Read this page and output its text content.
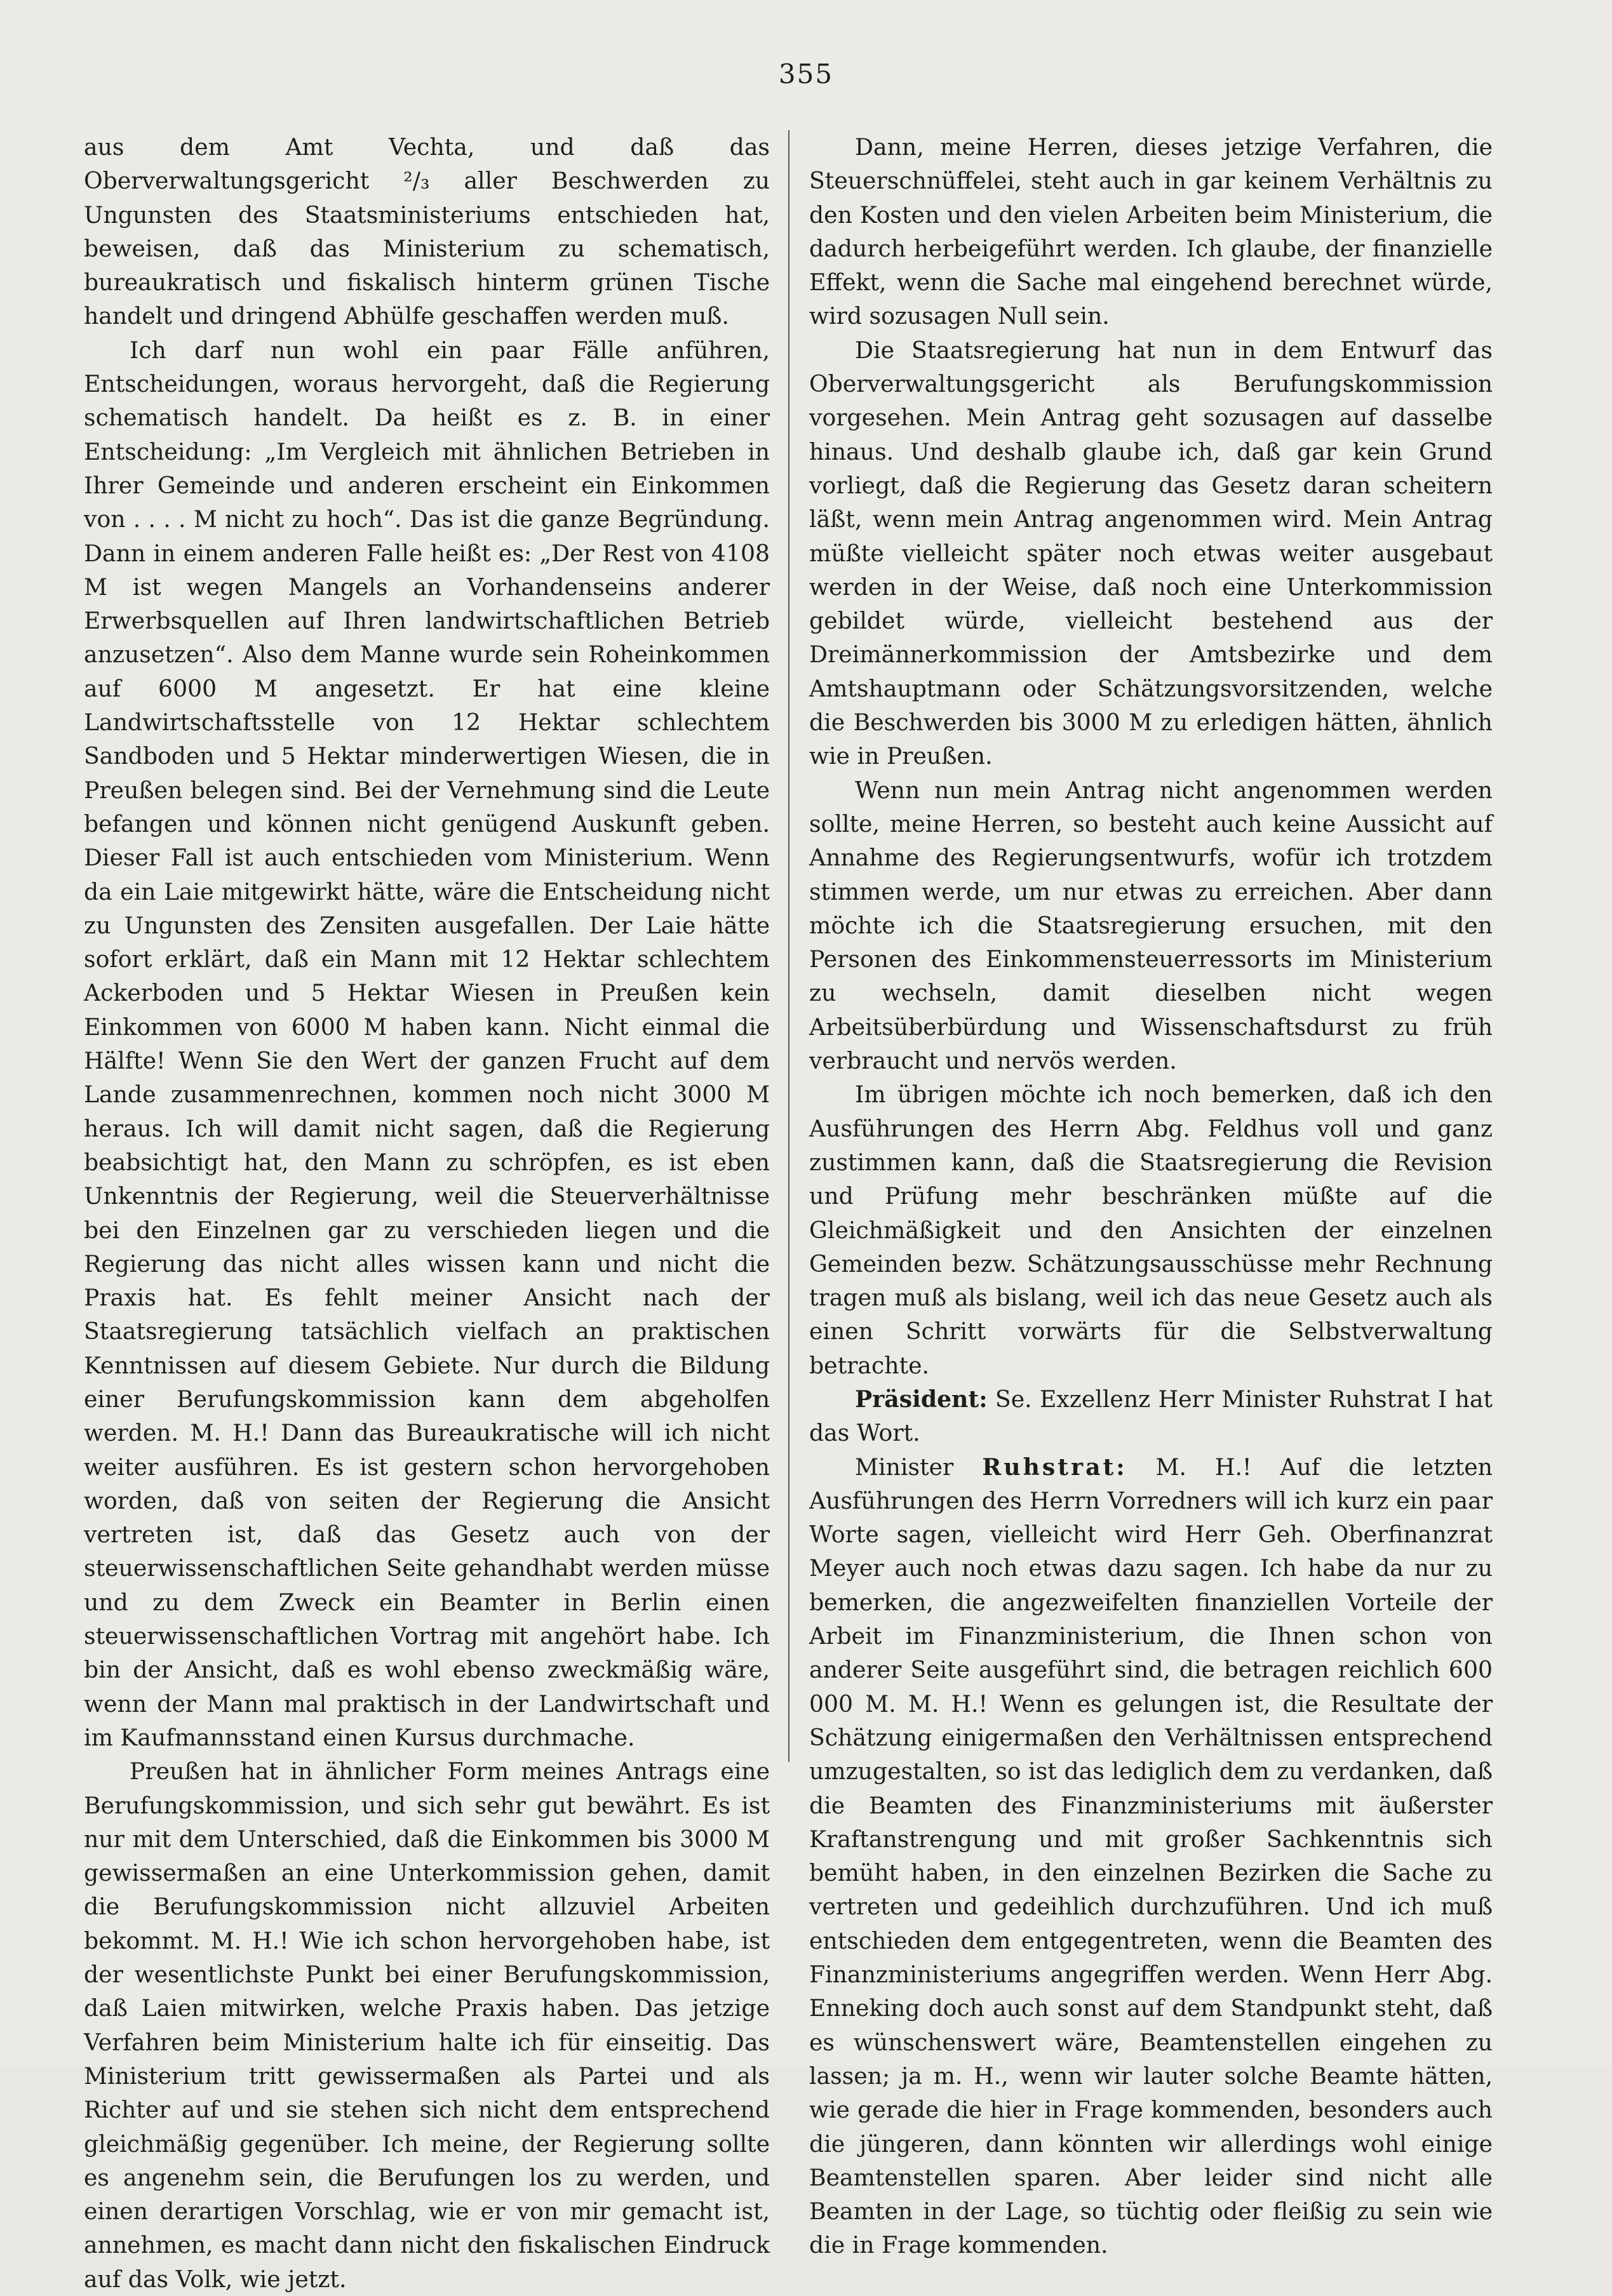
355

aus dem Amt Vechta, und daß das Oberverwaltungsgericht ²/₃ aller Beschwerden zu Ungunsten des Staatsministeriums entschieden hat, beweisen, daß das Ministerium zu schematisch, bureaukratisch und fiskalisch hinterm grünen Tische handelt und dringend Abhülfe geschaffen werden muß.

Ich darf nun wohl ein paar Fälle anführen, Entscheidungen, woraus hervorgeht, daß die Regierung schematisch handelt. Da heißt es z. B. in einer Entscheidung: „Im Vergleich mit ähnlichen Betrieben in Ihrer Gemeinde und anderen erscheint ein Einkommen von . . . . M nicht zu hoch“. Das ist die ganze Begründung. Dann in einem anderen Falle heißt es: „Der Rest von 4108 M ist wegen Mangels an Vorhandenseins anderer Erwerbsquellen auf Ihren landwirtschaftlichen Betrieb anzusetzen“. Also dem Manne wurde sein Roheinkommen auf 6000 M angesetzt. Er hat eine kleine Landwirtschaftsstelle von 12 Hektar schlechtem Sandboden und 5 Hektar minderwertigen Wiesen, die in Preußen belegen sind. Bei der Vernehmung sind die Leute befangen und können nicht genügend Auskunft geben. Dieser Fall ist auch entschieden vom Ministerium. Wenn da ein Laie mitgewirkt hätte, wäre die Entscheidung nicht zu Ungunsten des Zensiten ausgefallen. Der Laie hätte sofort erklärt, daß ein Mann mit 12 Hektar schlechtem Ackerboden und 5 Hektar Wiesen in Preußen kein Einkommen von 6000 M haben kann. Nicht einmal die Hälfte! Wenn Sie den Wert der ganzen Frucht auf dem Lande zusammenrechnen, kommen noch nicht 3000 M heraus. Ich will damit nicht sagen, daß die Regierung beabsichtigt hat, den Mann zu schröpfen, es ist eben Unkenntnis der Regierung, weil die Steuerverhältnisse bei den Einzelnen gar zu verschieden liegen und die Regierung das nicht alles wissen kann und nicht die Praxis hat. Es fehlt meiner Ansicht nach der Staatsregierung tatsächlich vielfach an praktischen Kenntnissen auf diesem Gebiete. Nur durch die Bildung einer Berufungskommission kann dem abgeholfen werden. M. H.! Dann das Bureaukratische will ich nicht weiter ausführen. Es ist gestern schon hervorgehoben worden, daß von seiten der Regierung die Ansicht vertreten ist, daß das Gesetz auch von der steuerwissenschaftlichen Seite gehandhabt werden müsse und zu dem Zweck ein Beamter in Berlin einen steuerwissenschaftlichen Vortrag mit angehört habe. Ich bin der Ansicht, daß es wohl ebenso zweckmäßig wäre, wenn der Mann mal praktisch in der Landwirtschaft und im Kaufmannsstand einen Kursus durchmache.

Preußen hat in ähnlicher Form meines Antrags eine Berufungskommission, und sich sehr gut bewährt. Es ist nur mit dem Unterschied, daß die Einkommen bis 3000 M gewissermaßen an eine Unterkommission gehen, damit die Berufungskommission nicht allzuviel Arbeiten bekommt. M. H.! Wie ich schon hervorgehoben habe, ist der wesentlichste Punkt bei einer Berufungskommission, daß Laien mitwirken, welche Praxis haben. Das jetzige Verfahren beim Ministerium halte ich für einseitig. Das Ministerium tritt gewissermaßen als Partei und als Richter auf und sie stehen sich nicht dem entsprechend gleichmäßig gegenüber. Ich meine, der Regierung sollte es angenehm sein, die Berufungen los zu werden, und einen derartigen Vorschlag, wie er von mir gemacht ist, annehmen, es macht dann nicht den fiskalischen Eindruck auf das Volk, wie jetzt.

Dann, meine Herren, dieses jetzige Verfahren, die Steuerschnüffelei, steht auch in gar keinem Verhältnis zu den Kosten und den vielen Arbeiten beim Ministerium, die dadurch herbeigeführt werden. Ich glaube, der finanzielle Effekt, wenn die Sache mal eingehend berechnet würde, wird sozusagen Null sein.

Die Staatsregierung hat nun in dem Entwurf das Oberverwaltungsgericht als Berufungskommission vorgesehen. Mein Antrag geht sozusagen auf dasselbe hinaus. Und deshalb glaube ich, daß gar kein Grund vorliegt, daß die Regierung das Gesetz daran scheitern läßt, wenn mein Antrag angenommen wird. Mein Antrag müßte vielleicht später noch etwas weiter ausgebaut werden in der Weise, daß noch eine Unterkommission gebildet würde, vielleicht bestehend aus der Dreimännerkommission der Amtsbezirke und dem Amtshauptmann oder Schätzungsvorsitzenden, welche die Beschwerden bis 3000 M zu erledigen hätten, ähnlich wie in Preußen.

Wenn nun mein Antrag nicht angenommen werden sollte, meine Herren, so besteht auch keine Aussicht auf Annahme des Regierungsentwurfs, wofür ich trotzdem stimmen werde, um nur etwas zu erreichen. Aber dann möchte ich die Staatsregierung ersuchen, mit den Personen des Einkommensteuerressorts im Ministerium zu wechseln, damit dieselben nicht wegen Arbeitsüberbürdung und Wissenschaftsdurst zu früh verbraucht und nervös werden.

Im übrigen möchte ich noch bemerken, daß ich den Ausführungen des Herrn Abg. Feldhus voll und ganz zustimmen kann, daß die Staatsregierung die Revision und Prüfung mehr beschränken müßte auf die Gleichmäßigkeit und den Ansichten der einzelnen Gemeinden bezw. Schätzungsausschüsse mehr Rechnung tragen muß als bislang, weil ich das neue Gesetz auch als einen Schritt vorwärts für die Selbstverwaltung betrachte.

Präsident: Se. Exzellenz Herr Minister Ruhstrat I hat das Wort.

Minister Ruhstrat: M. H.! Auf die letzten Ausführungen des Herrn Vorredners will ich kurz ein paar Worte sagen, vielleicht wird Herr Geh. Oberfinanzrat Meyer auch noch etwas dazu sagen. Ich habe da nur zu bemerken, die angezweifelten finanziellen Vorteile der Arbeit im Finanzministerium, die Ihnen schon von anderer Seite ausgeführt sind, die betragen reichlich 600 000 M. M. H.! Wenn es gelungen ist, die Resultate der Schätzung einigermaßen den Verhältnissen entsprechend umzugestalten, so ist das lediglich dem zu verdanken, daß die Beamten des Finanzministeriums mit äußerster Kraftanstrengung und mit großer Sachkenntnis sich bemüht haben, in den einzelnen Bezirken die Sache zu vertreten und gedeihlich durchzuführen. Und ich muß entschieden dem entgegentreten, wenn die Beamten des Finanzministeriums angegriffen werden. Wenn Herr Abg. Enneking doch auch sonst auf dem Standpunkt steht, daß es wünschenswert wäre, Beamtenstellen eingehen zu lassen; ja m. H., wenn wir lauter solche Beamte hätten, wie gerade die hier in Frage kommenden, besonders auch die jüngeren, dann könnten wir allerdings wohl einige Beamtenstellen sparen. Aber leider sind nicht alle Beamten in der Lage, so tüchtig oder fleißig zu sein wie die in Frage kommenden.
